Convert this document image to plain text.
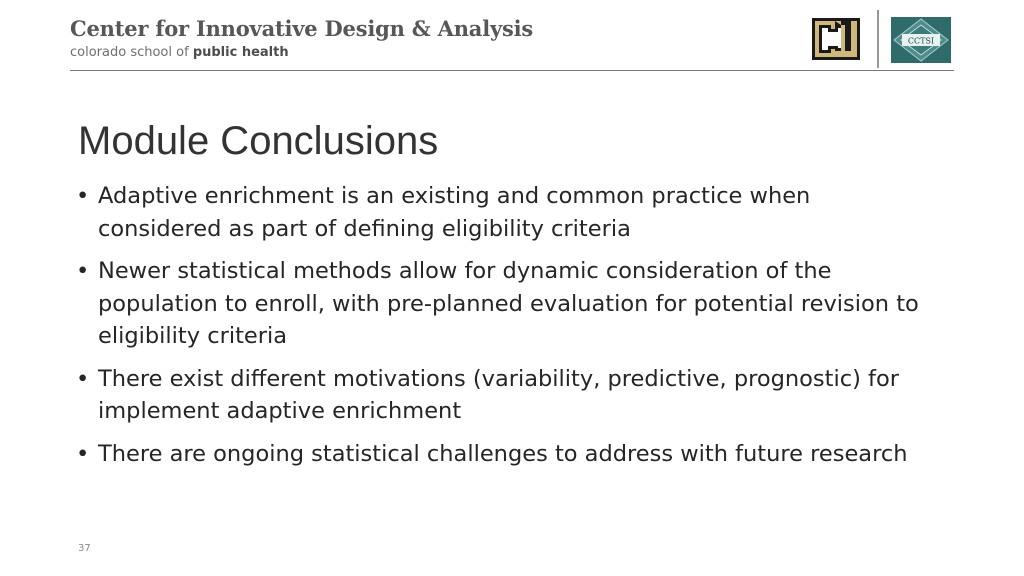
Center for Innovative Design & Analysis
colorado school of public health
CCTSI
Module Conclusions
• Adaptive enrichment is an existing and common practice when considered as part of defining eligibility criteria
• Newer statistical methods allow for dynamic consideration of the population to enroll, with pre-planned evaluation for potential revision to eligibility criteria
• There exist different motivations (variability, predictive, prognostic) for implement adaptive enrichment
• There are ongoing statistical challenges to address with future research
37
